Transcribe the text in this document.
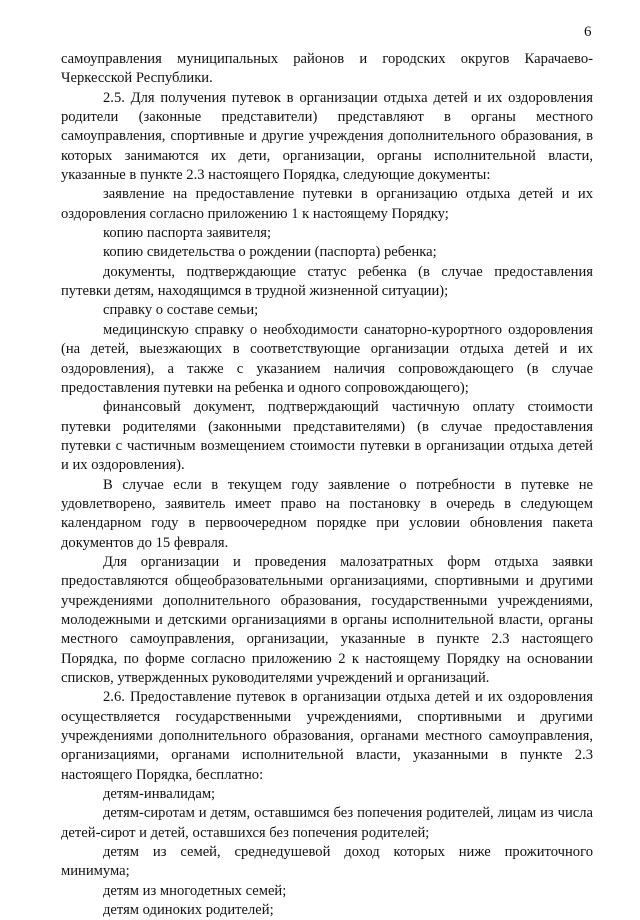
6

самоуправления муниципальных районов и городских округов Карачаево-Черкесской Республики.

2.5. Для получения путевок в организации отдыха детей и их оздоровления родители (законные представители) представляют в органы местного самоуправления, спортивные и другие учреждения дополнительного образования, в которых занимаются их дети, организации, органы исполнительной власти, указанные в пункте 2.3 настоящего Порядка, следующие документы:

заявление на предоставление путевки в организацию отдыха детей и их оздоровления согласно приложению 1 к настоящему Порядку;

копию паспорта заявителя;

копию свидетельства о рождении (паспорта) ребенка;

документы, подтверждающие статус ребенка (в случае предоставления путевки детям, находящимся в трудной жизненной ситуации);

справку о составе семьи;

медицинскую справку о необходимости санаторно-курортного оздоровления (на детей, выезжающих в соответствующие организации отдыха детей и их оздоровления), а также с указанием наличия сопровождающего (в случае предоставления путевки на ребенка и одного сопровождающего);

финансовый документ, подтверждающий частичную оплату стоимости путевки родителями (законными представителями) (в случае предоставления путевки с частичным возмещением стоимости путевки в организации отдыха детей и их оздоровления).

В случае если в текущем году заявление о потребности в путевке не удовлетворено, заявитель имеет право на постановку в очередь в следующем календарном году в первоочередном порядке при условии обновления пакета документов до 15 февраля.

Для организации и проведения малозатратных форм отдыха заявки предоставляются общеобразовательными организациями, спортивными и другими учреждениями дополнительного образования, государственными учреждениями, молодежными и детскими организациями в органы исполнительной власти, органы местного самоуправления, организации, указанные в пункте 2.3 настоящего Порядка, по форме согласно приложению 2 к настоящему Порядку на основании списков, утвержденных руководителями учреждений и организаций.

2.6. Предоставление путевок в организации отдыха детей и их оздоровления осуществляется государственными учреждениями, спортивными и другими учреждениями дополнительного образования, органами местного самоуправления, организациями, органами исполнительной власти, указанными в пункте 2.3 настоящего Порядка, бесплатно:

детям-инвалидам;

детям-сиротам и детям, оставшимся без попечения родителей, лицам из числа детей-сирот и детей, оставшихся без попечения родителей;

детям из семей, среднедушевой доход которых ниже прожиточного минимума;

детям из многодетных семей;

детям одиноких родителей;
